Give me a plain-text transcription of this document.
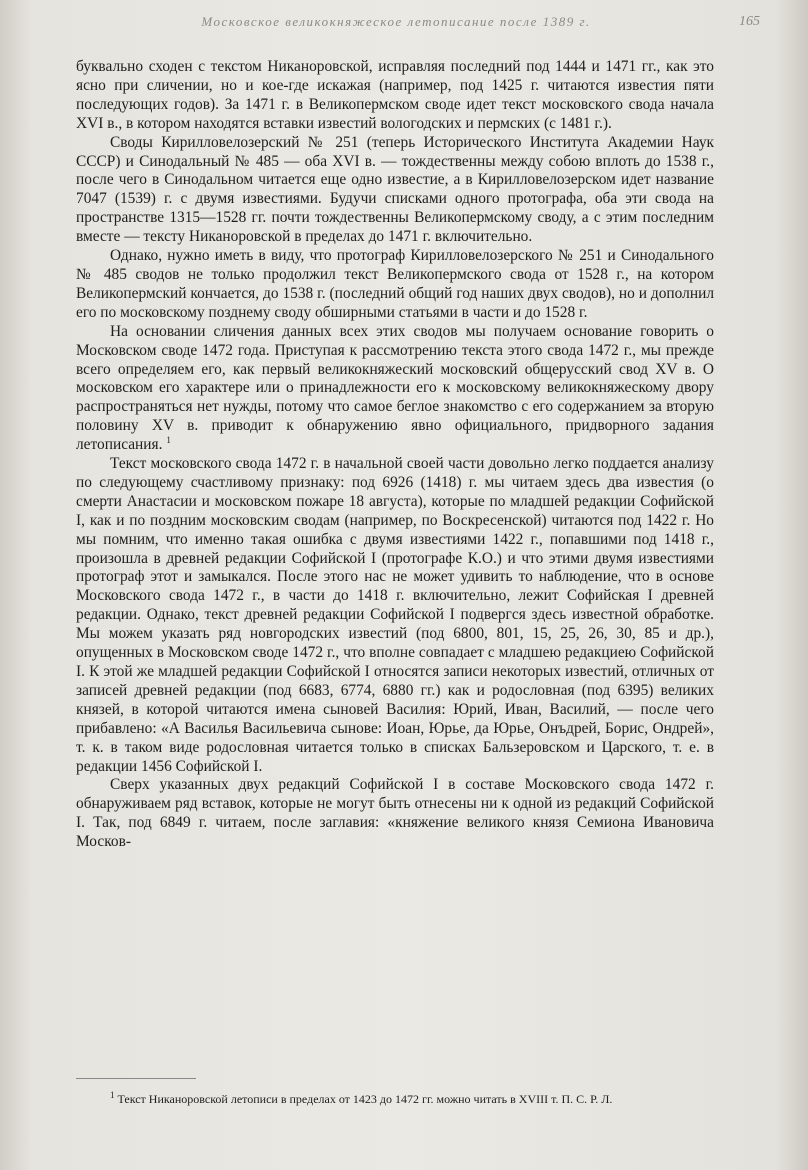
Московское великокняжеское летописание после 1389 г.	165

буквально сходен с текстом Никаноровской, исправляя последний под 1444 и 1471 гг., как это ясно при сличении, но и кое-где искажая (например, под 1425 г. читаются известия пяти последующих годов). За 1471 г. в Великопермском своде идет текст московского свода начала XVI в., в котором находятся вставки известий вологодских и пермских (с 1481 г.).

Своды Кирилловелозерский № 251 (теперь Исторического Института Академии Наук СССР) и Синодальный № 485 — оба XVI в. — тождественны между собою вплоть до 1538 г., после чего в Синодальном читается еще одно известие, а в Кирилловелозерском идет название 7047 (1539) г. с двумя известиями. Будучи списками одного протографа, оба эти свода на пространстве 1315—1528 гг. почти тождественны Великопермскому своду, а с этим последним вместе — тексту Никаноровской в пределах до 1471 г. включительно.

Однако, нужно иметь в виду, что протограф Кирилловелозерского № 251 и Синодального № 485 сводов не только продолжил текст Великопермского свода от 1528 г., на котором Великопермский кончается, до 1538 г. (последний общий год наших двух сводов), но и дополнил его по московскому позднему своду обширными статьями в части и до 1528 г.

На основании сличения данных всех этих сводов мы получаем основание говорить о Московском своде 1472 года. Приступая к рассмотрению текста этого свода 1472 г., мы прежде всего определяем его, как первый великокняжеский московский общерусский свод XV в. О московском его характере или о принадлежности его к московскому великокняжескому двору распространяться нет нужды, потому что самое беглое знакомство с его содержанием за вторую половину XV в. приводит к обнаружению явно официального, придворного задания летописания. $^1$

Текст московского свода 1472 г. в начальной своей части довольно легко поддается анализу по следующему счастливому признаку: под 6926 (1418) г. мы читаем здесь два известия (о смерти Анастасии и московском пожаре 18 августа), которые по младшей редакции Софийской I, как и по поздним московским сводам (например, по Воскресенской) читаются под 1422 г. Но мы помним, что именно такая ошибка с двумя известиями 1422 г., попавшими под 1418 г., произошла в древней редакции Софийской I (протографе К.О.) и что этими двумя известиями протограф этот и замыкался. После этого нас не может удивить то наблюдение, что в основе Московского свода 1472 г., в части до 1418 г. включительно, лежит Софийская I древней редакции. Однако, текст древней редакции Софийской I подвергся здесь известной обработке. Мы можем указать ряд новгородских известий (под 6800, 801, 15, 25, 26, 30, 85 и др.), опущенных в Московском своде 1472 г., что вполне совпадает с младшею редакциею Софийской I. К этой же младшей редакции Софийской I относятся записи некоторых известий, отличных от записей древней редакции (под 6683, 6774, 6880 гг.) как и родословная (под 6395) великих князей, в которой читаются имена сыновей Василия: Юрий, Иван, Василий, — после чего прибавлено: «А Василья Васильевича сынове: Иоан, Юрье, да Юрье, Онъдрей, Борис, Ондрей», т. к. в таком виде родословная читается только в списках Бальзеровском и Царского, т. е. в редакции 1456 Софийской I.

Сверх указанных двух редакций Софийской I в составе Московского свода 1472 г. обнаруживаем ряд вставок, которые не могут быть отнесены ни к одной из редакций Софийской I. Так, под 6849 г. читаем, после заглавия: «княжение великого князя Семиона Ивановича Москов-

$^1$ Текст Никаноровской летописи в пределах от 1423 до 1472 гг. можно читать в XVIII т. П. С. Р. Л.
